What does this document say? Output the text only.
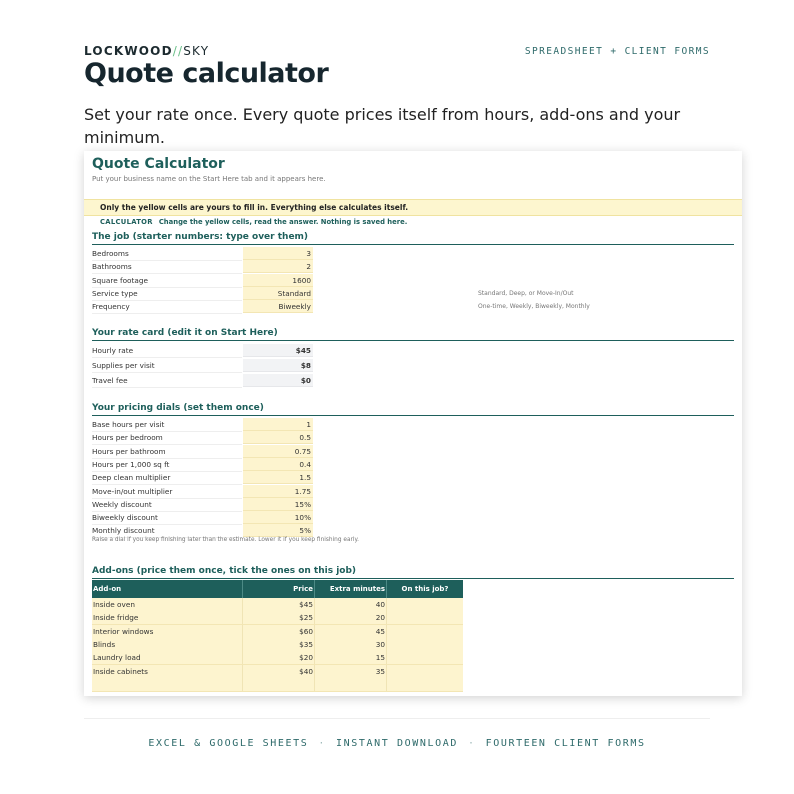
LOCKWOOD//SKY	SPREADSHEET + CLIENT FORMS
Quote calculator

Set your rate once. Every quote prices itself from hours, add-ons and your minimum.

Quote Calculator
Put your business name on the Start Here tab and it appears here.
Only the yellow cells are yours to fill in. Everything else calculates itself.
CALCULATOR Change the yellow cells, read the answer. Nothing is saved here.
The job (starter numbers: type over them)
Bedrooms	3
Bathrooms	2
Square footage	1600
Service type	Standard	Standard, Deep, or Move-In/Out
Frequency	Biweekly	One-time, Weekly, Biweekly, Monthly
Your rate card (edit it on Start Here)
Hourly rate	$45
Supplies per visit	$8
Travel fee	$0
Your pricing dials (set them once)
Base hours per visit	1
Hours per bedroom	0.5
Hours per bathroom	0.75
Hours per 1,000 sq ft	0.4
Deep clean multiplier	1.5
Move-in/out multiplier	1.75
Weekly discount	15%
Biweekly discount	10%
Monthly discount	5%
Raise a dial if you keep finishing later than the estimate. Lower it if you keep finishing early.
Add-ons (price them once, tick the ones on this job)
Add-on	Price	Extra minutes	On this job?
Inside oven	$45	40
Inside fridge	$25	20
Interior windows	$60	45
Blinds	$35	30
Laundry load	$20	15
Inside cabinets	$40	35
EXCEL & GOOGLE SHEETS · INSTANT DOWNLOAD · FOURTEEN CLIENT FORMS
